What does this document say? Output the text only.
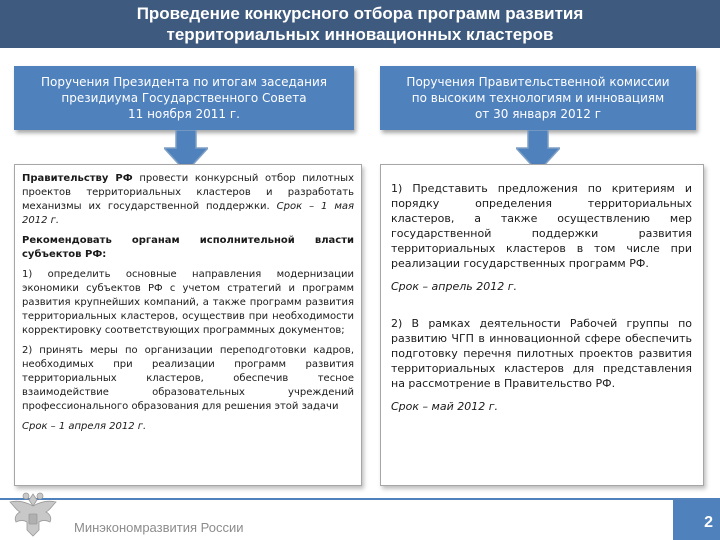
Проведение конкурсного отбора программ развития
территориальных инновационных кластеров
Поручения Президента по итогам заседания
президиума Государственного Совета
11 ноября 2011 г.
Поручения Правительственной комиссии
по высоким технологиям и инновациям
от 30 января 2012 г

Правительству РФ провести конкурсный отбор пилотных проектов территориальных кластеров и разработать механизмы их государственной поддержки. Срок – 1 мая 2012 г.

Рекомендовать органам исполнительной власти субъектов РФ:

1) определить основные направления модернизации экономики субъектов РФ с учетом стратегий и программ развития крупнейших компаний, а также программ развития территориальных кластеров, осуществив при необходимости корректировку соответствующих программных документов;

2) принять меры по организации переподготовки кадров, необходимых при реализации программ развития территориальных кластеров, обеспечив тесное взаимодействие образовательных учреждений профессионального образования для решения этой задачи

Срок – 1 апреля 2012 г.

1) Представить предложения по критериям и порядку определения территориальных кластеров, а также осуществлению мер государственной поддержки развития территориальных кластеров в том числе при реализации государственных программ РФ.

Срок – апрель 2012 г.

2) В рамках деятельности Рабочей группы по развитию ЧГП в инновационной сфере обеспечить подготовку перечня пилотных проектов развития территориальных кластеров для представления на рассмотрение в Правительство РФ.

Срок – май 2012 г.

Минэкономразвития России	2
